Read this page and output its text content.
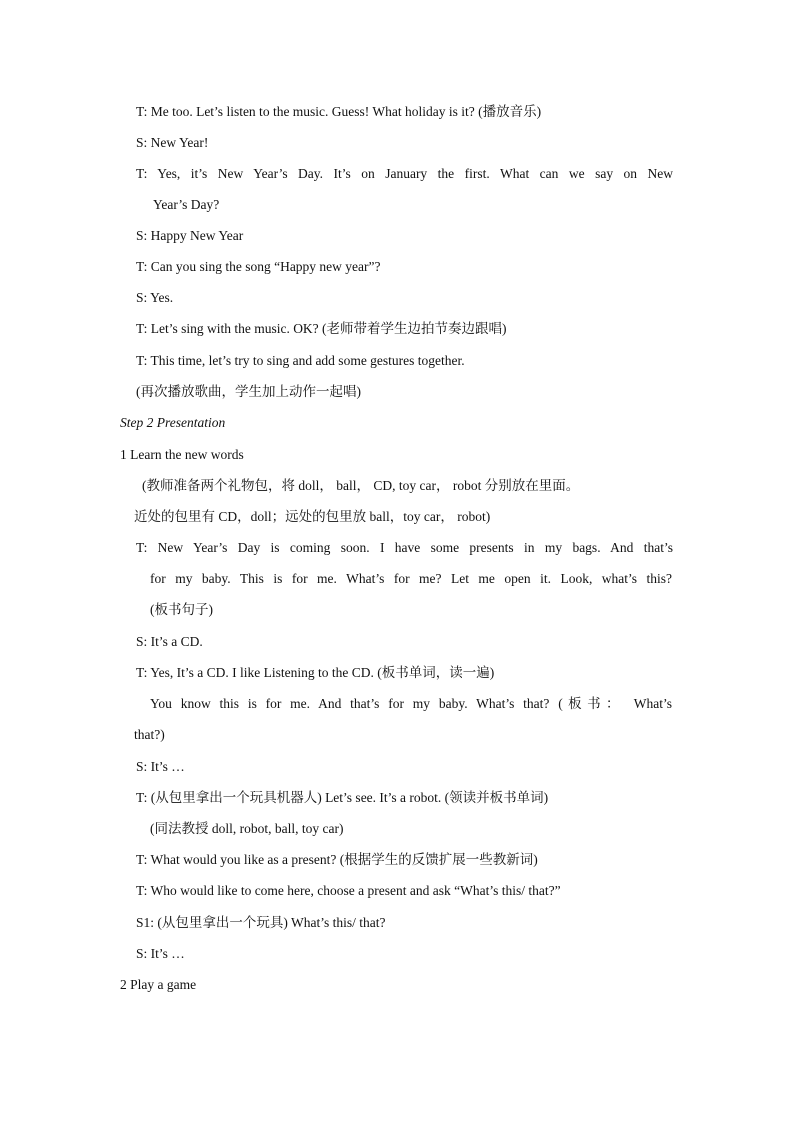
T: Me too. Let’s listen to the music. Guess! What holiday is it? (播放音乐)
S: New Year!
T: Yes, it’s New Year’s Day. It’s on January the first. What can we say on New
Year’s Day?
S: Happy New Year
T: Can you sing the song “Happy new year”?
S: Yes.
T: Let’s sing with the music. OK? (老师带着学生边拍节奏边跟唱)
T: This time, let’s try to sing and add some gestures together.
(再次播放歌曲，学生加上动作一起唱)
Step 2 Presentation
1 Learn the new words
(教师准备两个礼物包，将 doll， ball， CD, toy car， robot 分别放在里面。
近处的包里有 CD，doll；远处的包里放 ball，toy car， robot)
T: New Year’s Day is coming soon. I have some presents in my bags. And that’s
for my baby. This is for me. What’s for me? Let me open it. Look, what’s this?
(板书句子)
S: It’s a CD.
T: Yes, It’s a CD. I like Listening to the CD. (板书单词，读一遍)
You know this is for me. And that’s for my baby. What’s that? (板书： What’s
that?)
S: It’s …
T: (从包里拿出一个玩具机器人) Let’s see. It’s a robot. (领读并板书单词)
(同法教授 doll, robot, ball, toy car)
T: What would you like as a present? (根据学生的反馈扩展一些教新词)
T: Who would like to come here, choose a present and ask “What’s this/ that?”
S1: (从包里拿出一个玩具) What’s this/ that?
S: It’s …
2 Play a game
